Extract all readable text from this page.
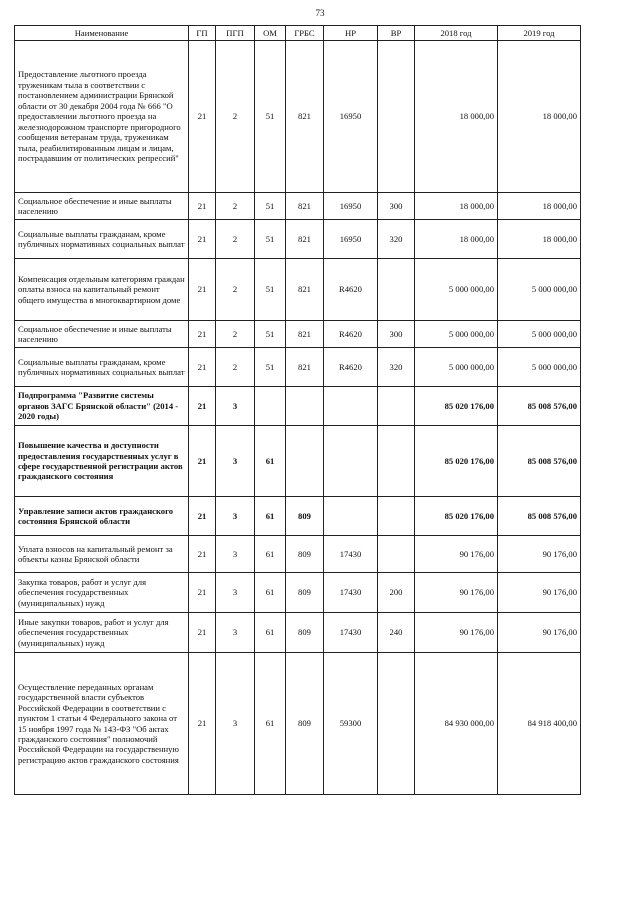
73
Наименование	ГП	ПГП	ОМ	ГРБС	НР	ВР	2018 год	2019 год
Предоставление льготного проезда труженикам тыла в соответствии с постановлением администрации Брянской области от 30 декабря 2004 года № 666 "О предоставлении льготного проезда на железнодорожном транспорте пригородного сообщения ветеранам труда, труженикам тыла, реабилитированным лицам и лицам, пострадавшим от политических репрессий"	21	2	51	821	16950		18 000,00	18 000,00
Социальное обеспечение и иные выплаты населению	21	2	51	821	16950	300	18 000,00	18 000,00
Социальные выплаты гражданам, кроме публичных нормативных социальных выплат	21	2	51	821	16950	320	18 000,00	18 000,00
Компенсация отдельным категориям граждан оплаты взноса на капитальный ремонт общего имущества в многоквартирном доме	21	2	51	821	R4620		5 000 000,00	5 000 000,00
Социальное обеспечение и иные выплаты населению	21	2	51	821	R4620	300	5 000 000,00	5 000 000,00
Социальные выплаты гражданам, кроме публичных нормативных социальных выплат	21	2	51	821	R4620	320	5 000 000,00	5 000 000,00
Подпрограмма "Развитие системы органов ЗАГС Брянской области" (2014 - 2020 годы)	21	3					85 020 176,00	85 008 576,00
Повышение качества и доступности предоставления государственных услуг в сфере государственной регистрации актов гражданского состояния	21	3	61				85 020 176,00	85 008 576,00
Управление записи актов гражданского состояния Брянской области	21	3	61	809			85 020 176,00	85 008 576,00
Уплата взносов на капитальный ремонт за объекты казны Брянской области	21	3	61	809	17430		90 176,00	90 176,00
Закупка товаров, работ и услуг для обеспечения государственных (муниципальных) нужд	21	3	61	809	17430	200	90 176,00	90 176,00
Иные закупки товаров, работ и услуг для обеспечения государственных (муниципальных) нужд	21	3	61	809	17430	240	90 176,00	90 176,00
Осуществление переданных органам государственной власти субъектов Российской Федерации в соответствии с пунктом 1 статьи 4 Федерального закона от 15 ноября 1997 года № 143-ФЗ "Об актах гражданского состояния" полномочий Российской Федерации на государственную регистрацию актов гражданского состояния	21	3	61	809	59300		84 930 000,00	84 918 400,00
